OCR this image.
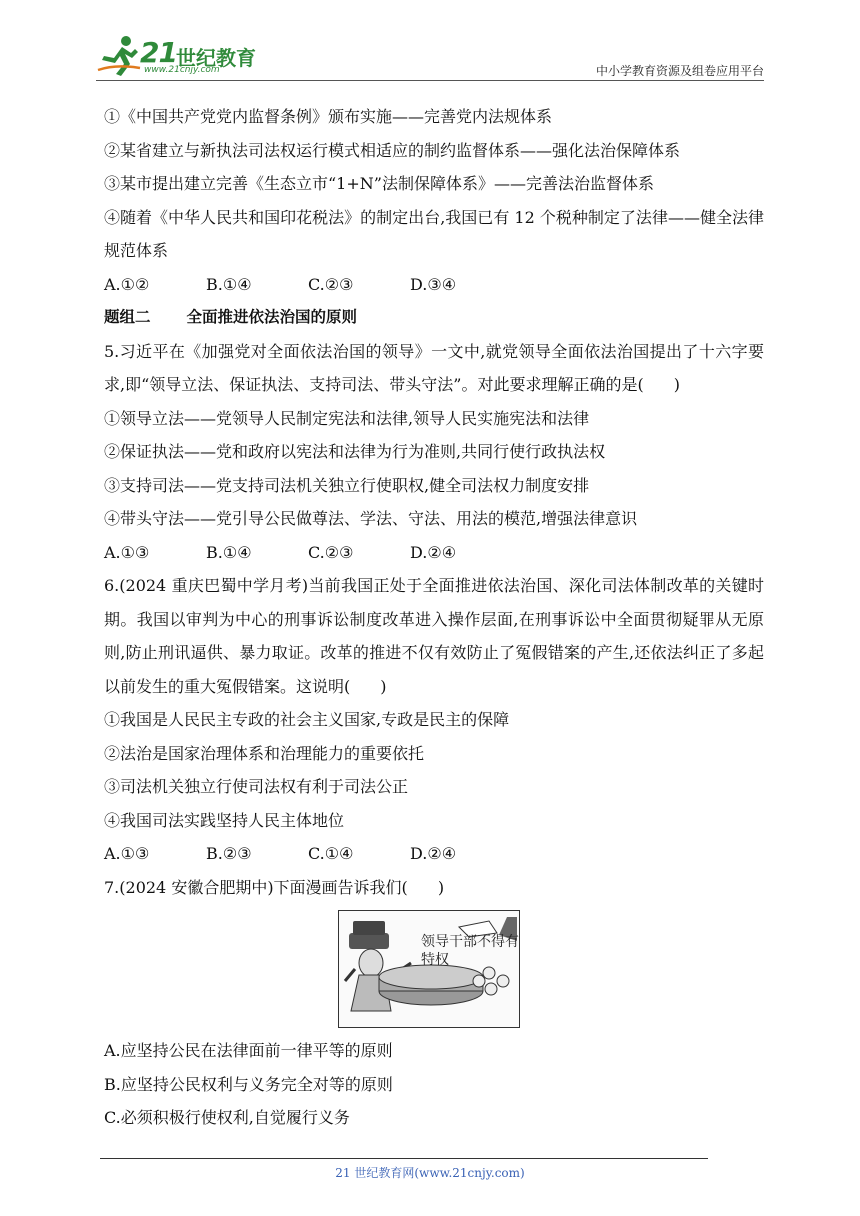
21 世纪教育
www.21cnjy.com	中小学教育资源及组卷应用平台
①《中国共产党党内监督条例》颁布实施——完善党内法规体系
②某省建立与新执法司法权运行模式相适应的制约监督体系——强化法治保障体系
③某市提出建立完善《生态立市“1+N”法制保障体系》——完善法治监督体系
④随着《中华人民共和国印花税法》的制定出台,我国已有 12 个税种制定了法律——健全法律规范体系
A.①②	B.①④	C.②③	D.③④
题组二 全面推进依法治国的原则
5.习近平在《加强党对全面依法治国的领导》一文中,就党领导全面依法治国提出了十六字要求,即“领导立法、保证执法、支持司法、带头守法”。对此要求理解正确的是( )
①领导立法——党领导人民制定宪法和法律,领导人民实施宪法和法律
②保证执法——党和政府以宪法和法律为行为准则,共同行使行政执法权
③支持司法——党支持司法机关独立行使职权,健全司法权力制度安排
④带头守法——党引导公民做尊法、学法、守法、用法的模范,增强法律意识
A.①③	B.①④	C.②③	D.②④
6.(2024 重庆巴蜀中学月考)当前我国正处于全面推进依法治国、深化司法体制改革的关键时期。我国以审判为中心的刑事诉讼制度改革进入操作层面,在刑事诉讼中全面贯彻疑罪从无原则,防止刑讯逼供、暴力取证。改革的推进不仅有效防止了冤假错案的产生,还依法纠正了多起以前发生的重大冤假错案。这说明( )
①我国是人民民主专政的社会主义国家,专政是民主的保障
②法治是国家治理体系和治理能力的重要依托
③司法机关独立行使司法权有利于司法公正
④我国司法实践坚持人民主体地位
A.①③	B.②③	C.①④	D.②④
7.(2024 安徽合肥期中)下面漫画告诉我们( )
领导干部不得有特权
A.应坚持公民在法律面前一律平等的原则
B.应坚持公民权利与义务完全对等的原则
C.必须积极行使权利,自觉履行义务
21 世纪教育网(www.21cnjy.com)
